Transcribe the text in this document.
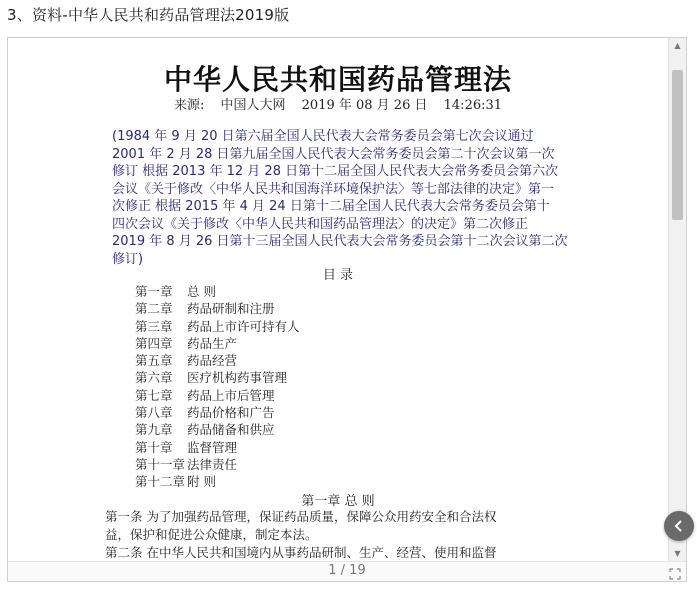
3、资料-中华人民共和药品管理法2019版
中华人民共和国药品管理法
来源: 中国人大网 2019 年 08 月 26 日 14:26:31
(1984 年 9 月 20 日第六届全国人民代表大会常务委员会第七次会议通过
2001 年 2 月 28 日第九届全国人民代表大会常务委员会第二十次会议第一次
修订 根据 2013 年 12 月 28 日第十二届全国人民代表大会常务委员会第六次
会议《关于修改〈中华人民共和国海洋环境保护法〉等七部法律的决定》第一
次修正 根据 2015 年 4 月 24 日第十二届全国人民代表大会常务委员会第十
四次会议《关于修改〈中华人民共和国药品管理法〉的决定》第二次修正
2019 年 8 月 26 日第十三届全国人民代表大会常务委员会第十二次会议第二次
修订)
目 录
第一章 总 则
第二章 药品研制和注册
第三章 药品上市许可持有人
第四章 药品生产
第五章 药品经营
第六章 医疗机构药事管理
第七章 药品上市后管理
第八章 药品价格和广告
第九章 药品储备和供应
第十章 监督管理
第十一章 法律责任
第十二章 附 则
第一章 总 则
第一条 为了加强药品管理，保证药品质量，保障公众用药安全和合法权
益，保护和促进公众健康，制定本法。
第二条 在中华人民共和国境内从事药品研制、生产、经营、使用和监督
▲
▼
1 / 19
